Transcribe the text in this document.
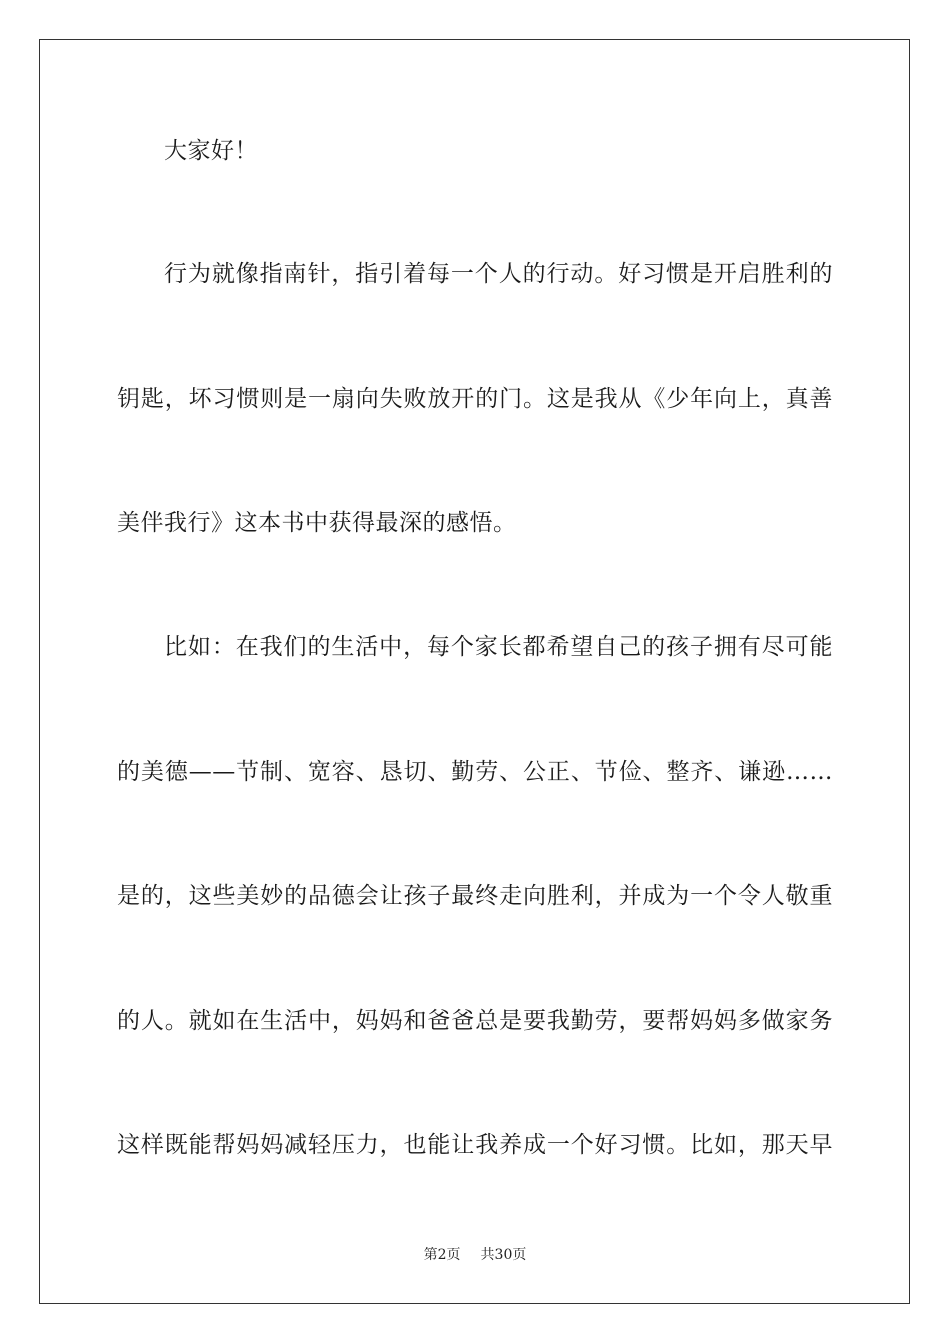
大家好！
行为就像指南针，指引着每一个人的行动。好习惯是开启胜利的
钥匙，坏习惯则是一扇向失败放开的门。这是我从《少年向上，真善
美伴我行》这本书中获得最深的感悟。
比如：在我们的生活中，每个家长都希望自己的孩子拥有尽可能
的美德——节制、宽容、恳切、勤劳、公正、节俭、整齐、谦逊……
是的，这些美妙的品德会让孩子最终走向胜利，并成为一个令人敬重
的人。就如在生活中，妈妈和爸爸总是要我勤劳，要帮妈妈多做家务
这样既能帮妈妈减轻压力，也能让我养成一个好习惯。比如，那天早
第2页 共30页
